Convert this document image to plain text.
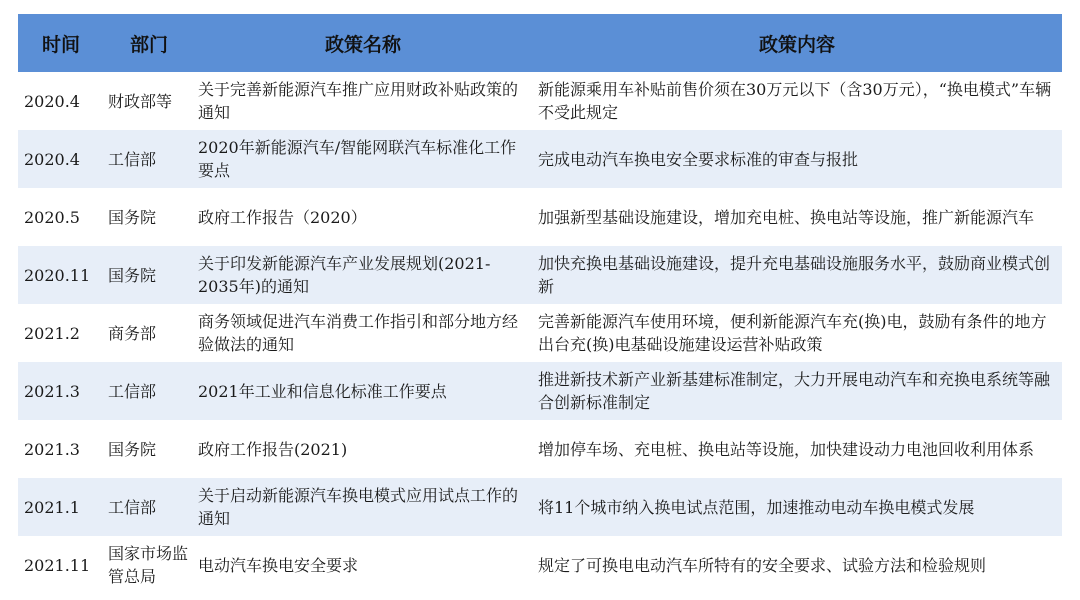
时间	部门	政策名称	政策内容
2020.4	财政部等	关于完善新能源汽车推广应用财政补贴政策的通知	新能源乘用车补贴前售价须在30万元以下（含30万元），“换电模式”车辆不受此规定
2020.4	工信部	2020年新能源汽车/智能网联汽车标准化工作要点	完成电动汽车换电安全要求标准的审查与报批
2020.5	国务院	政府工作报告（2020）	加强新型基础设施建设，增加充电桩、换电站等设施，推广新能源汽车
2020.11	国务院	关于印发新能源汽车产业发展规划(2021-2035年)的通知	加快充换电基础设施建设，提升充电基础设施服务水平，鼓励商业模式创新
2021.2	商务部	商务领域促进汽车消费工作指引和部分地方经验做法的通知	完善新能源汽车使用环境，便利新能源汽车充(换)电，鼓励有条件的地方出台充(换)电基础设施建设运营补贴政策
2021.3	工信部	2021年工业和信息化标准工作要点	推进新技术新产业新基建标准制定，大力开展电动汽车和充换电系统等融合创新标准制定
2021.3	国务院	政府工作报告(2021)	增加停车场、充电桩、换电站等设施，加快建设动力电池回收利用体系
2021.1	工信部	关于启动新能源汽车换电模式应用试点工作的通知	将11个城市纳入换电试点范围，加速推动电动车换电模式发展
2021.11	国家市场监管总局	电动汽车换电安全要求	规定了可换电电动汽车所特有的安全要求、试验方法和检验规则
